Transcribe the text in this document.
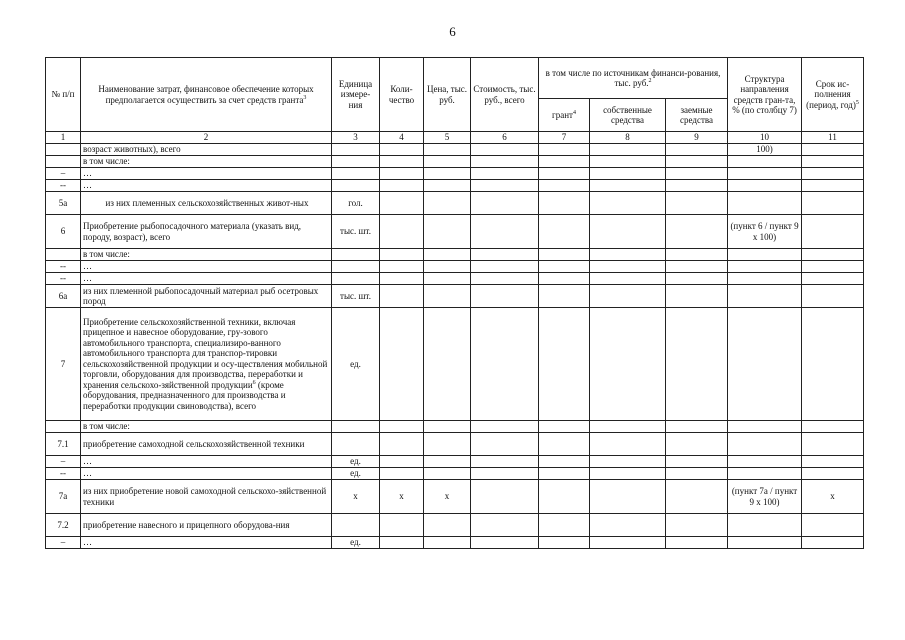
6
№ п/п	Наименование затрат, финансовое обеспечение которых предполагается осуществить за счет средств гранта$^3$	Единица измере-ния	Коли-чество	Цена, тыс. руб.	Стоимость, тыс. руб., всего	в том числе по источникам финанси-рования, тыс. руб.$^2$			Структура направления средств гран-та, % (по столбцу 7)	Срок ис-полнения (период, год)$^5$
						грант$^4$	собственные средства	заемные средства		
1	2	3	4	5	6	7	8	9	10	11
	возраст животных), всего								100)	
	в том числе:									
–	…									
--	…									
5а	из них племенных сельскохозяйственных живот-ных	гол.								
6	Приобретение рыбопосадочного материала (указать вид, породу, возраст), всего	тыс. шт.							(пункт 6 / пункт 9 х 100)	
	в том числе:									
--	…									
--	…									
6а	из них племенной рыбопосадочный материал рыб осетровых пород	тыс. шт.								
7	Приобретение сельскохозяйственной техники, включая прицепное и навесное оборудование, гру-зового автомобильного транспорта, специализиро-ванного автомобильного транспорта для транспор-тировки сельскохозяйственной продукции и осу-ществления мобильной торговли, оборудования для производства, переработки и хранения сельскохо-зяйственной продукции$^6$ (кроме оборудования, предназначенного для производства и переработки продукции свиноводства), всего	ед.								
	в том числе:									
7.1	приобретение самоходной сельскохозяйственной техники									
–	…	ед.								
--	…	ед.								
7а	из них приобретение новой самоходной сельскохо-зяйственной техники	х	х	х					(пункт 7а / пункт 9 х 100)	х
7.2	приобретение навесного и прицепного оборудова-ния									
–	…	ед.								
